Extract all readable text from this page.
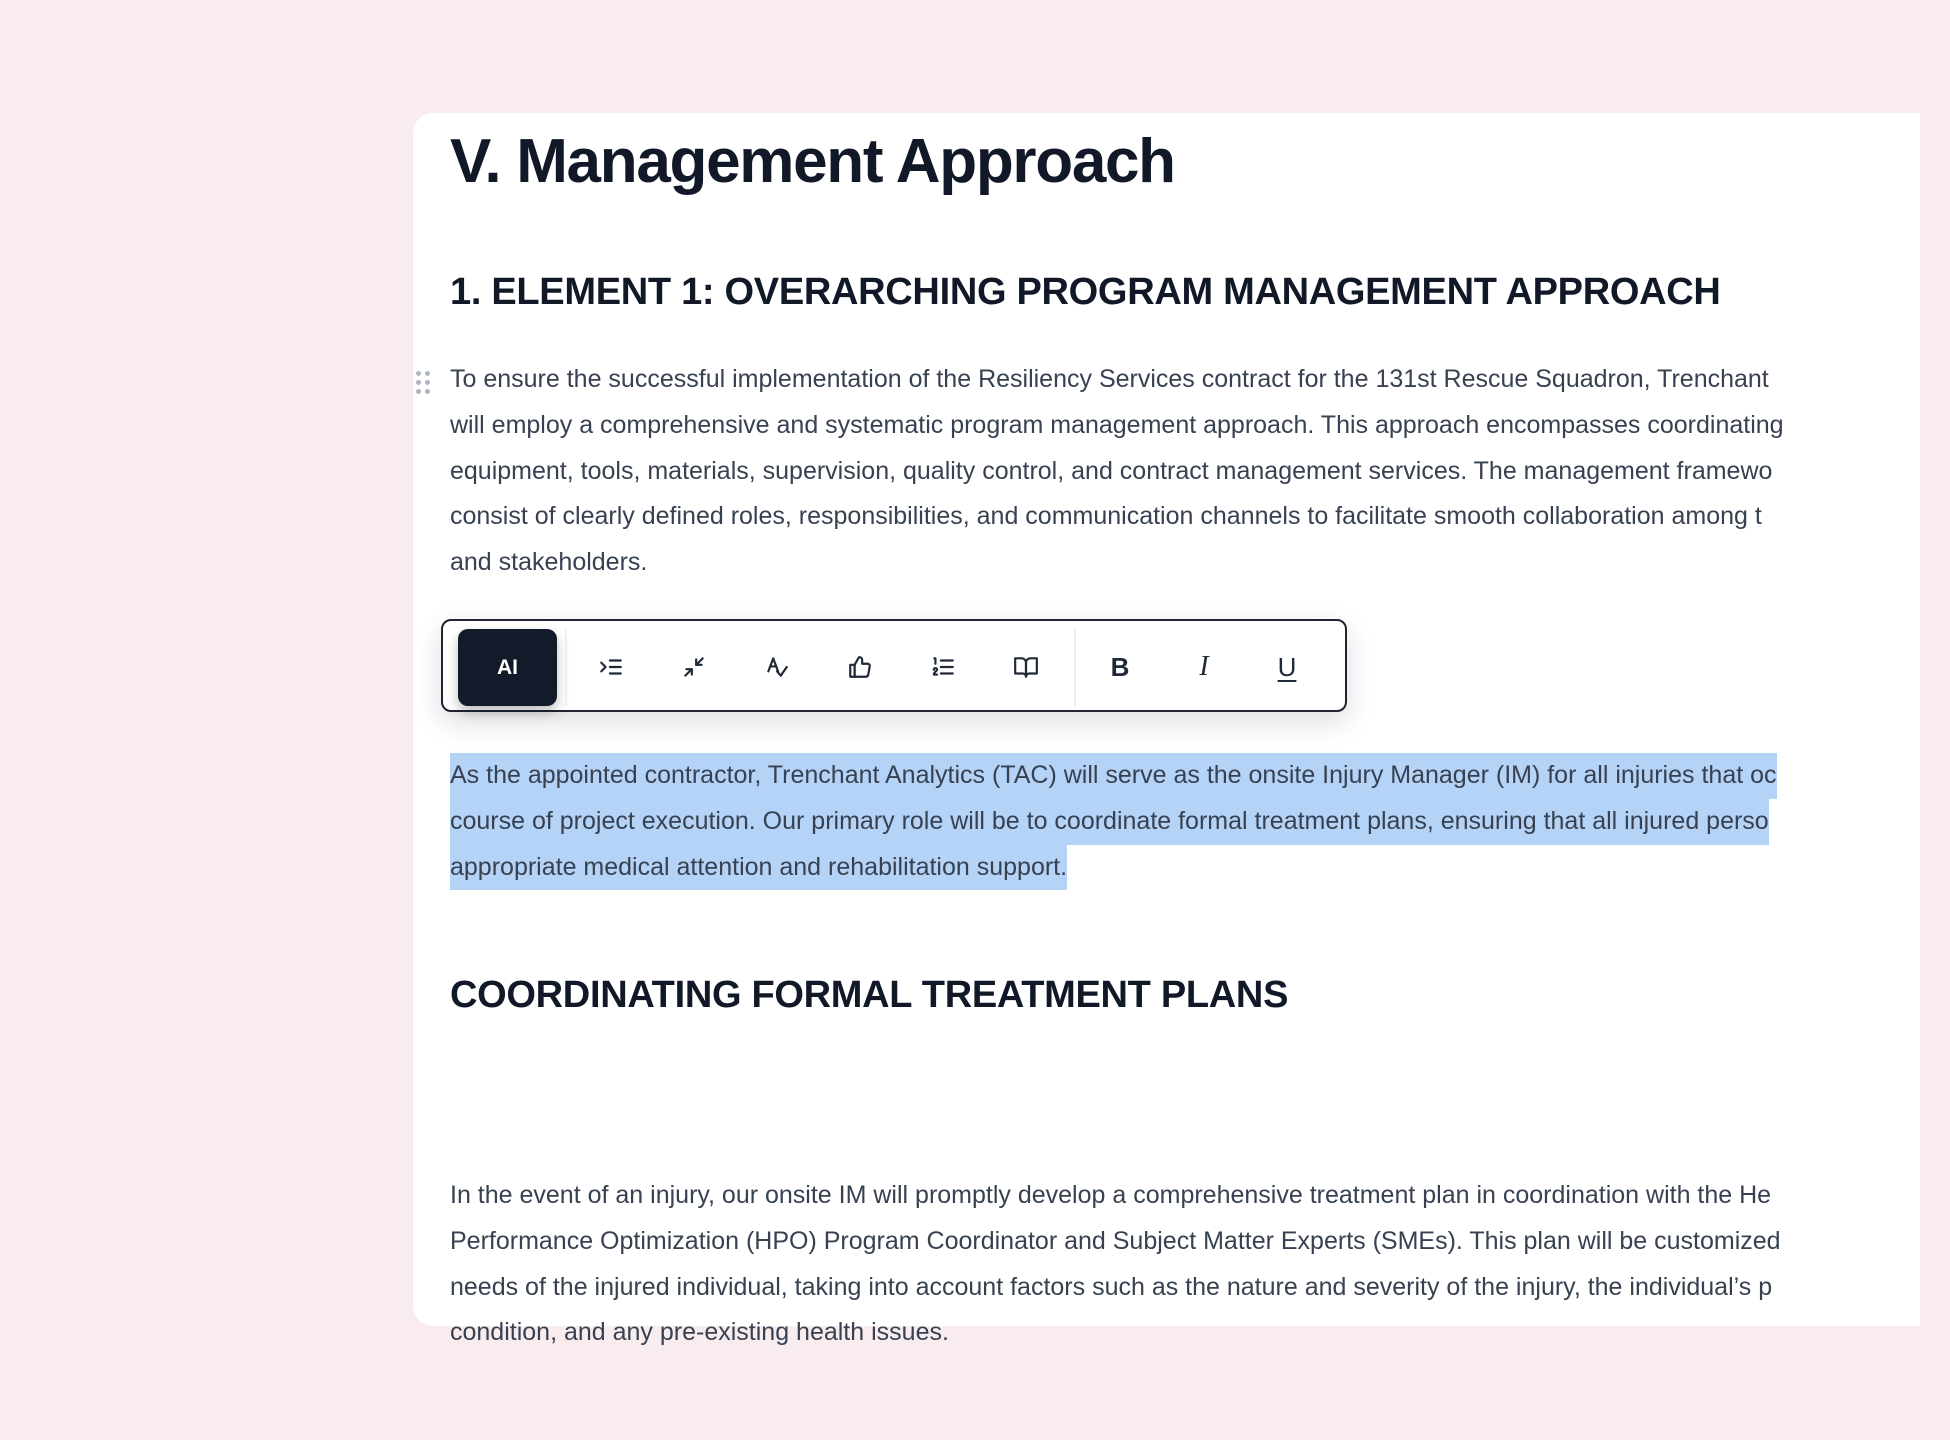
V. Management Approach
1. ELEMENT 1: OVERARCHING PROGRAM MANAGEMENT APPROACH
To ensure the successful implementation of the Resiliency Services contract for the 131st Rescue Squadron, Trenchant
will employ a comprehensive and systematic program management approach. This approach encompasses coordinating
equipment, tools, materials, supervision, quality control, and contract management services. The management framewo
consist of clearly defined roles, responsibilities, and communication channels to facilitate smooth collaboration among t
and stakeholders.
As the appointed contractor, Trenchant Analytics (TAC) will serve as the onsite Injury Manager (IM) for all injuries that oc
course of project execution. Our primary role will be to coordinate formal treatment plans, ensuring that all injured perso
appropriate medical attention and rehabilitation support.
COORDINATING FORMAL TREATMENT PLANS
In the event of an injury, our onsite IM will promptly develop a comprehensive treatment plan in coordination with the He
Performance Optimization (HPO) Program Coordinator and Subject Matter Experts (SMEs). This plan will be customized
needs of the injured individual, taking into account factors such as the nature and severity of the injury, the individual’s p
condition, and any pre-existing health issues.
AI	B I	U
